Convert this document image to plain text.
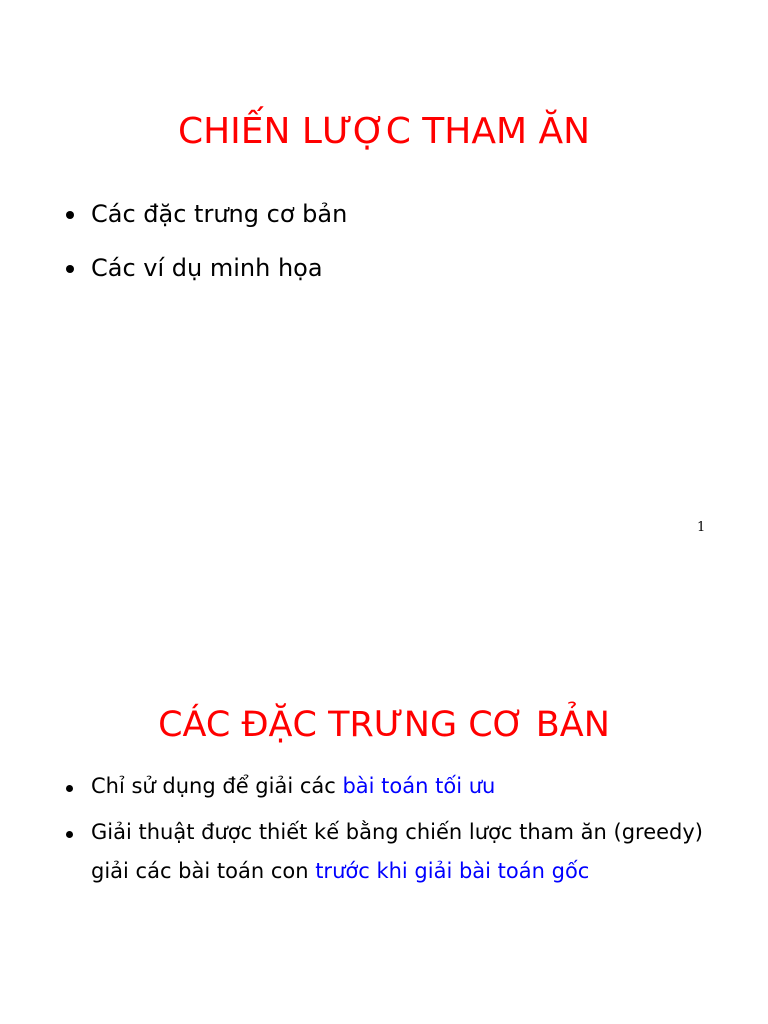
CHIẾN LƯỢC THAM ĂN
Các đặc trưng cơ bản
Các ví dụ minh họa
1
CÁC ĐẶC TRƯNG CƠ BẢN
Chỉ sử dụng để giải các bài toán tối ưu
Giải thuật được thiết kế bằng chiến lược tham ăn (greedy)
giải các bài toán con trước khi giải bài toán gốc
